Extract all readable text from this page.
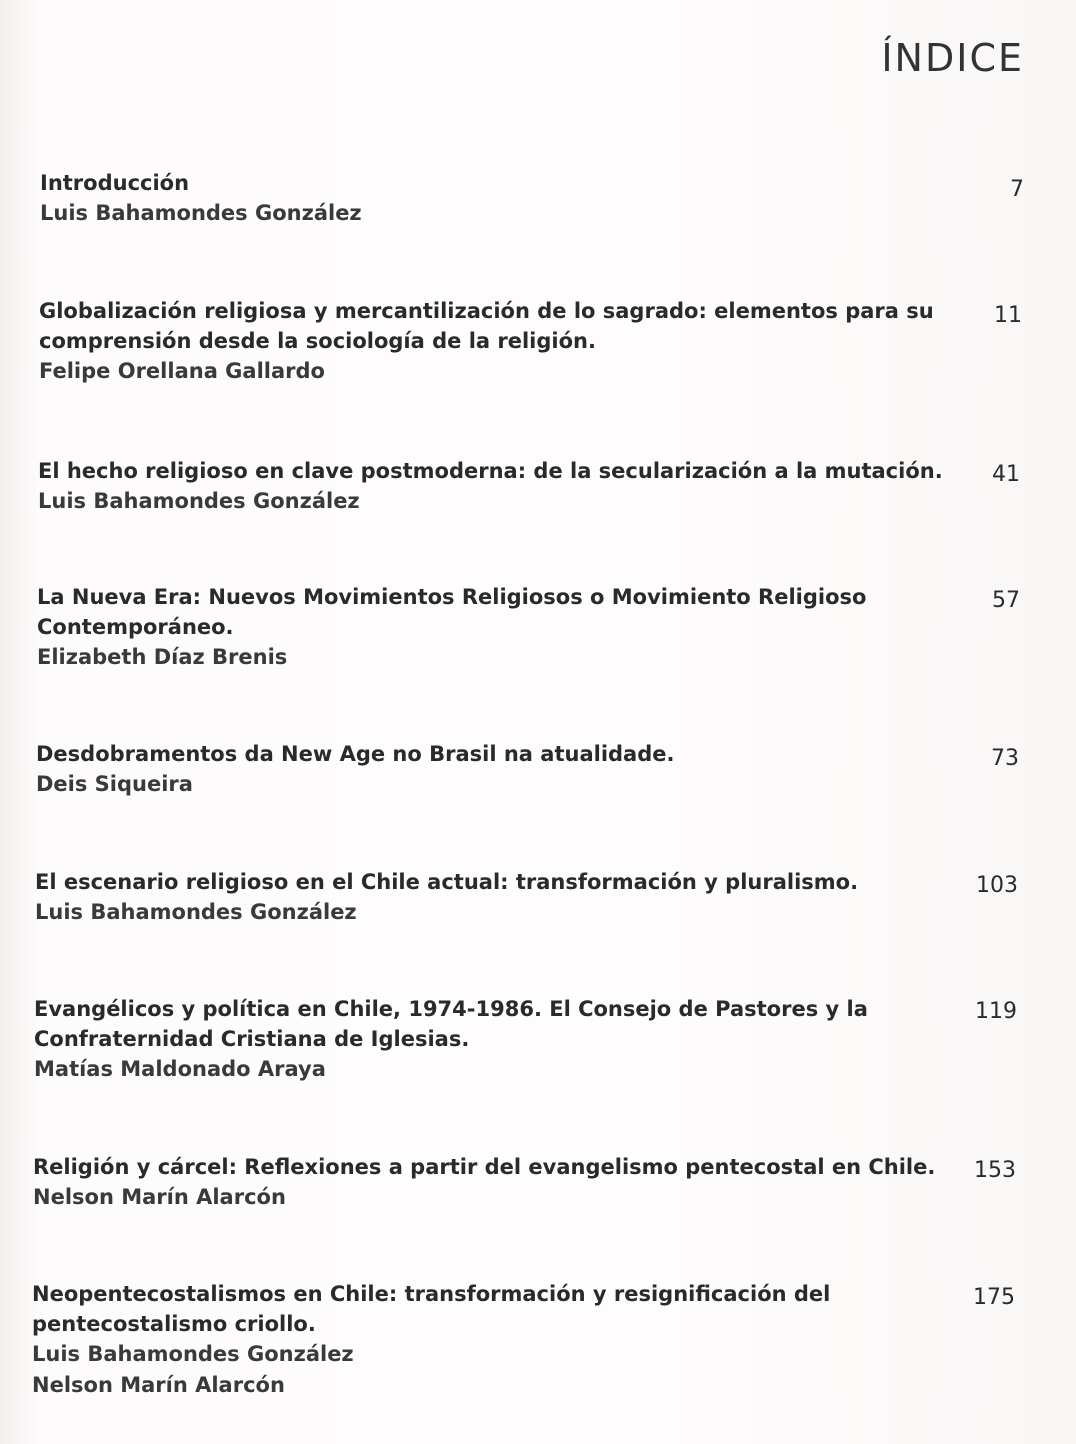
ÍNDICE
Introducción
Luis Bahamondes González
7
Globalización religiosa y mercantilización de lo sagrado: elementos para su
comprensión desde la sociología de la religión.
Felipe Orellana Gallardo
11
El hecho religioso en clave postmoderna: de la secularización a la mutación.
Luis Bahamondes González
41
La Nueva Era: Nuevos Movimientos Religiosos o Movimiento Religioso
Contemporáneo.
Elizabeth Díaz Brenis
57
Desdobramentos da New Age no Brasil na atualidade.
Deis Siqueira
73
El escenario religioso en el Chile actual: transformación y pluralismo.
Luis Bahamondes González
103
Evangélicos y política en Chile, 1974-1986. El Consejo de Pastores y la
Confraternidad Cristiana de Iglesias.
Matías Maldonado Araya
119
Religión y cárcel: Reflexiones a partir del evangelismo pentecostal en Chile.
Nelson Marín Alarcón
153
Neopentecostalismos en Chile: transformación y resignificación del
pentecostalismo criollo.
Luis Bahamondes González
Nelson Marín Alarcón
175
